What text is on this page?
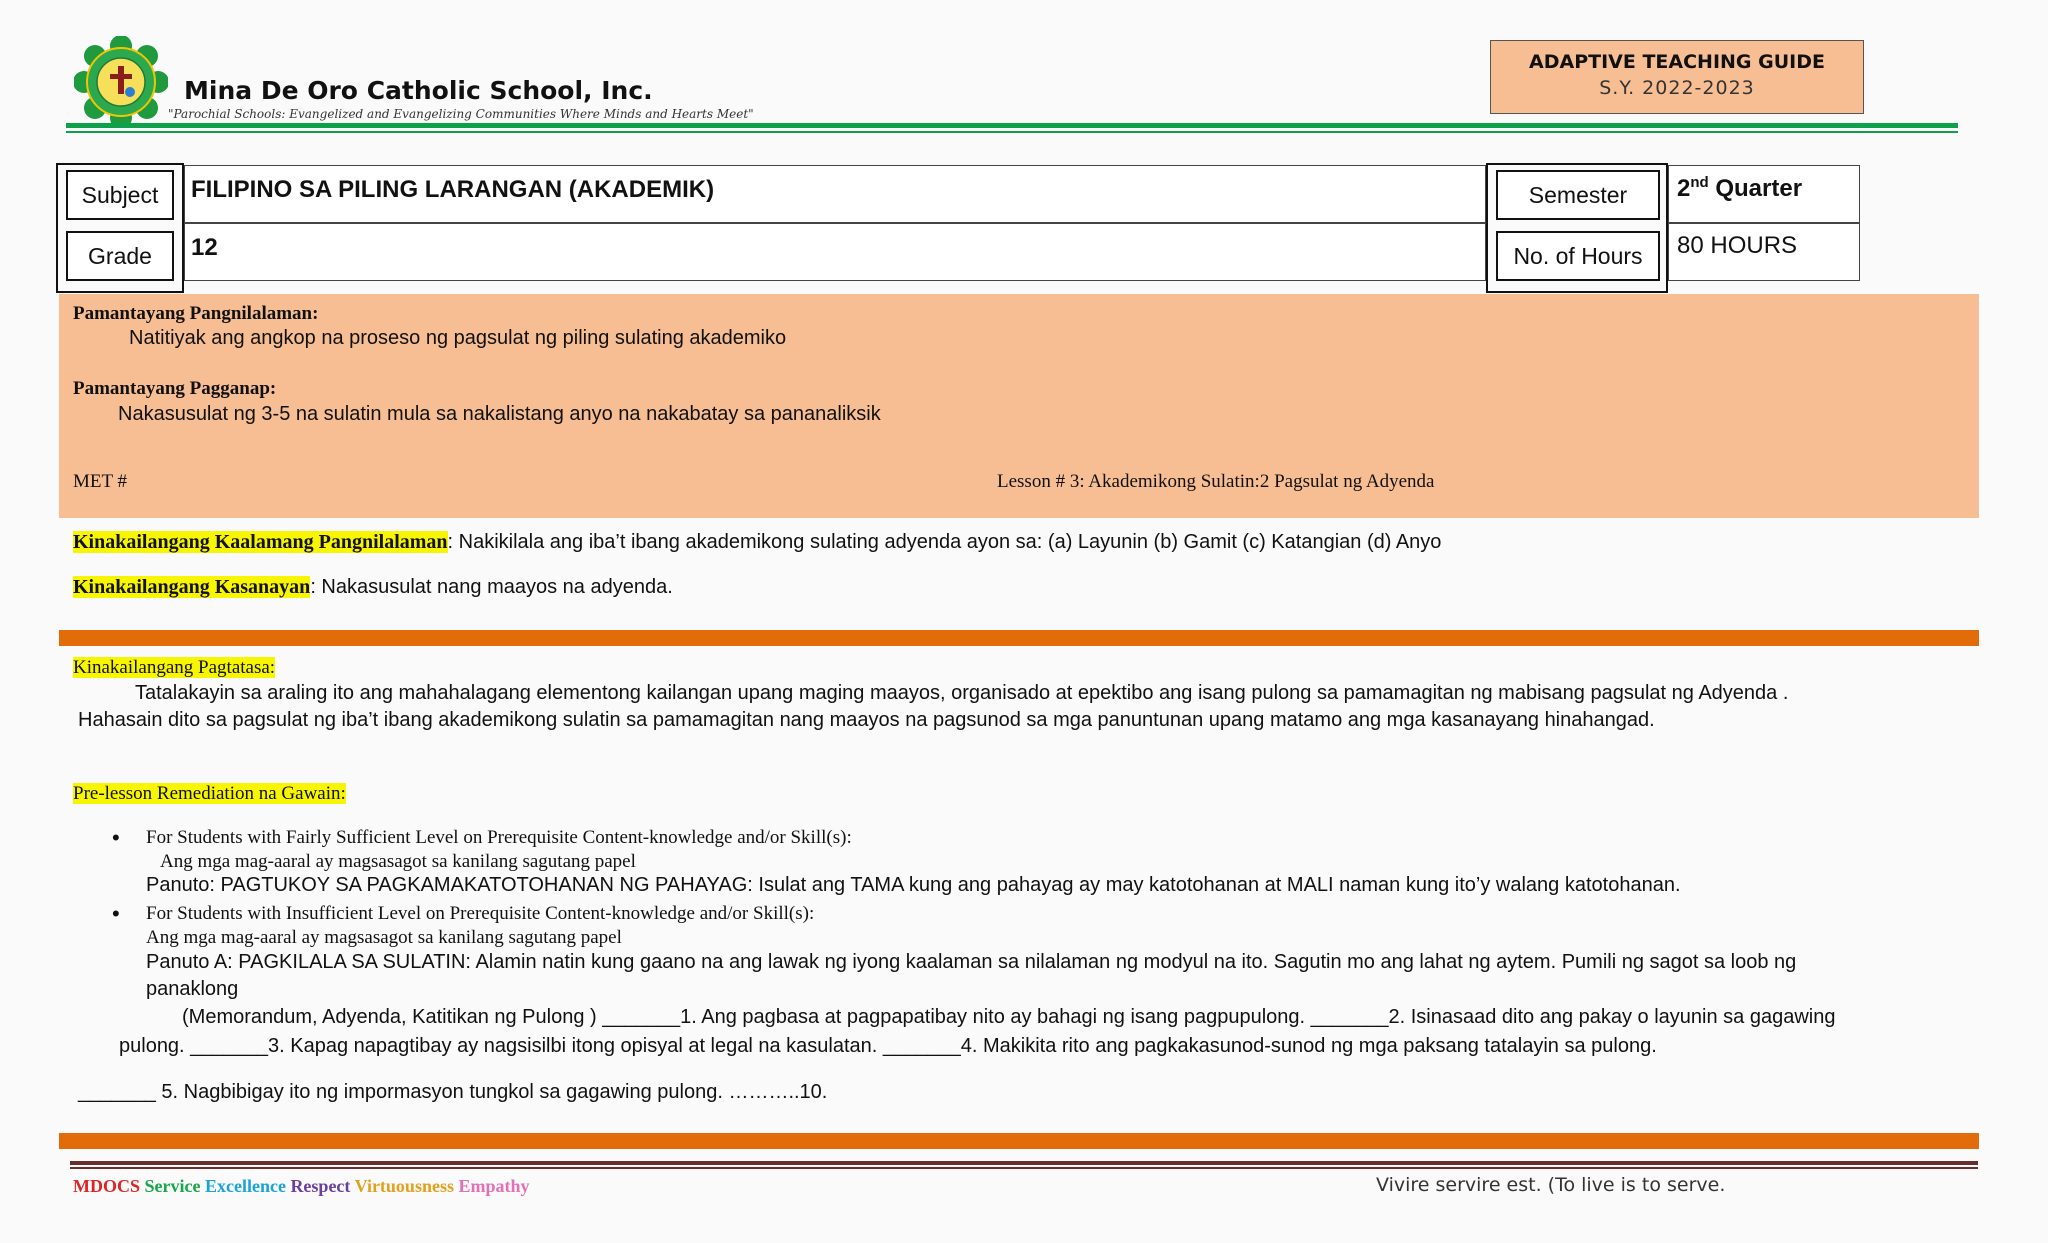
Mina De Oro Catholic School, Inc.
"Parochial Schools: Evangelized and Evangelizing Communities Where Minds and Hearts Meet"
ADAPTIVE TEACHING GUIDE
S.Y. 2022-2023
Subject
Grade
FILIPINO SA PILING LARANGAN (AKADEMIK)
12
Semester
No. of Hours
2nd Quarter
80 HOURS
Pamantayang Pangnilalaman:
Natitiyak ang angkop na proseso ng pagsulat ng piling sulating akademiko
Pamantayang Pagganap:
Nakasusulat ng 3-5 na sulatin mula sa nakalistang anyo na nakabatay sa pananaliksik
MET #	Lesson # 3: Akademikong Sulatin:2 Pagsulat ng Adyenda
Kinakailangang Kaalamang Pangnilalaman: Nakikilala ang iba’t ibang akademikong sulating adyenda ayon sa: (a) Layunin (b) Gamit (c) Katangian (d) Anyo
Kinakailangang Kasanayan: Nakasusulat nang maayos na adyenda.
Kinakailangang Pagtatasa:
Tatalakayin sa araling ito ang mahahalagang elementong kailangan upang maging maayos, organisado at epektibo ang isang pulong sa pamamagitan ng mabisang pagsulat ng Adyenda .
Hahasain dito sa pagsulat ng iba’t ibang akademikong sulatin sa pamamagitan nang maayos na pagsunod sa mga panuntunan upang matamo ang mga kasanayang hinahangad.
Pre-lesson Remediation na Gawain:
• For Students with Fairly Sufficient Level on Prerequisite Content-knowledge and/or Skill(s):
Ang mga mag-aaral ay magsasagot sa kanilang sagutang papel
Panuto: PAGTUKOY SA PAGKAMAKATOTOHANAN NG PAHAYAG: Isulat ang TAMA kung ang pahayag ay may katotohanan at MALI naman kung ito’y walang katotohanan.
• For Students with Insufficient Level on Prerequisite Content-knowledge and/or Skill(s):
Ang mga mag-aaral ay magsasagot sa kanilang sagutang papel
Panuto A: PAGKILALA SA SULATIN: Alamin natin kung gaano na ang lawak ng iyong kaalaman sa nilalaman ng modyul na ito. Sagutin mo ang lahat ng aytem. Pumili ng sagot sa loob ng
panaklong
(Memorandum, Adyenda, Katitikan ng Pulong ) _______1. Ang pagbasa at pagpapatibay nito ay bahagi ng isang pagpupulong. _______2. Isinasaad dito ang pakay o layunin sa gagawing
pulong. _______3. Kapag napagtibay ay nagsisilbi itong opisyal at legal na kasulatan. _______4. Makikita rito ang pagkakasunod-sunod ng mga paksang tatalayin sa pulong.
_______ 5. Nagbibigay ito ng impormasyon tungkol sa gagawing pulong. ………..10.
MDOCS Service Excellence Respect Virtuousness Empathy	Vivire servire est. (To live is to serve.
